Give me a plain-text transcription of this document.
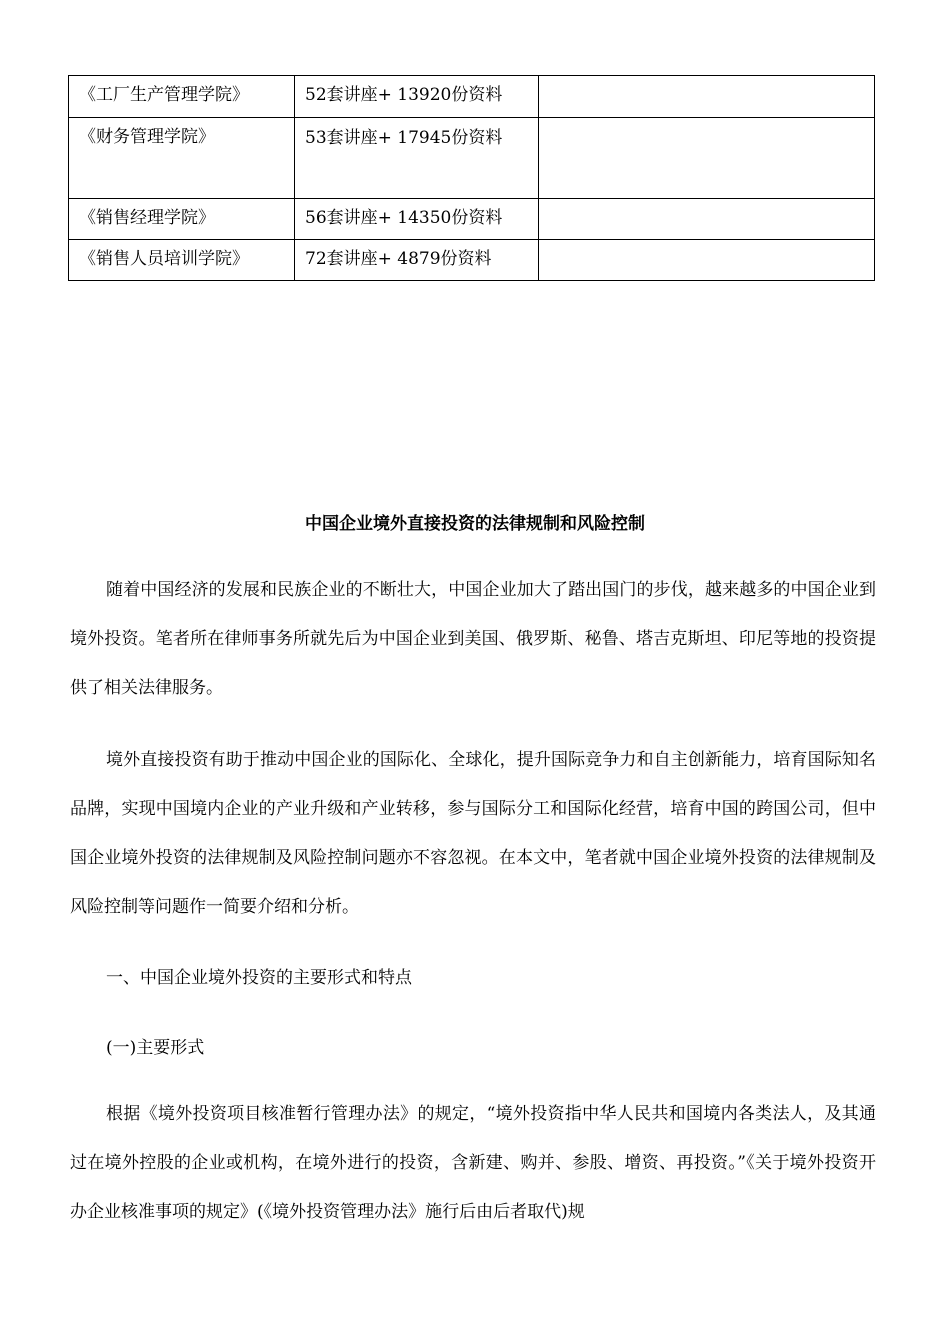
《工厂生产管理学院》	52套讲座+ 13920份资料	
《财务管理学院》	53套讲座+ 17945份资料	
《销售经理学院》	56套讲座+ 14350份资料	
《销售人员培训学院》	72套讲座+ 4879份资料	
中国企业境外直接投资的法律规制和风险控制

随着中国经济的发展和民族企业的不断壮大，中国企业加大了踏出国门的步伐，越来越多的中国企业到境外投资。笔者所在律师事务所就先后为中国企业到美国、俄罗斯、秘鲁、塔吉克斯坦、印尼等地的投资提供了相关法律服务。

境外直接投资有助于推动中国企业的国际化、全球化，提升国际竞争力和自主创新能力，培育国际知名品牌，实现中国境内企业的产业升级和产业转移，参与国际分工和国际化经营，培育中国的跨国公司，但中国企业境外投资的法律规制及风险控制问题亦不容忽视。在本文中，笔者就中国企业境外投资的法律规制及风险控制等问题作一简要介绍和分析。

一、中国企业境外投资的主要形式和特点

(一)主要形式

根据《境外投资项目核准暂行管理办法》的规定，“境外投资指中华人民共和国境内各类法人，及其通过在境外控股的企业或机构，在境外进行的投资，含新建、购并、参股、增资、再投资。”《关于境外投资开办企业核准事项的规定》(《境外投资管理办法》施行后由后者取代)规
